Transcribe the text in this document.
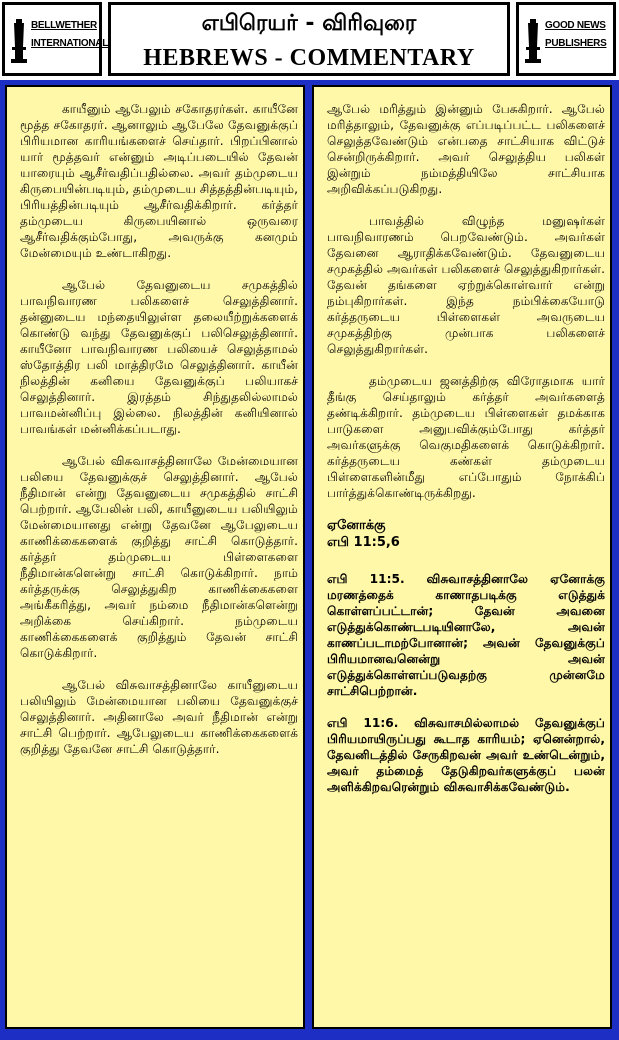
BELLWETHER
INTERNATIONAL
எபிரெயர் - விரிவுரை
HEBREWS - COMMENTARY
GOOD NEWS
PUBLISHERS

காயீனும் ஆபேலும் சகோதரர்கள். காயீனே மூத்த சகோதரர். ஆனாலும் ஆபேலே தேவனுக்குப் பிரியமான காரியங்களைச் செய்தார். பிறப்பினால் யார் மூத்தவர் என்னும் அடிப்படையில் தேவன் யாரையும் ஆசீர்வதிப்பதில்லை. அவர் தம்முடைய கிருபையின்படியும், தம்முடைய சித்தத்தின்படியும், பிரியத்தின்படியும் ஆசீர்வதிக்கிறார். கர்த்தர் தம்முடைய கிருபையினால் ஒருவரை ஆசீர்வதிக்கும்போது, அவருக்கு கனமும் மேன்மையும் உண்டாகிறது.

ஆபேல் தேவனுடைய சமுகத்தில் பாவநிவாரண பலிகளைச் செலுத்தினார். தன்னுடைய மந்தையிலுள்ள தலையீற்றுக்களைக் கொண்டு வந்து தேவனுக்குப் பலிசெலுத்தினார். காயீனோ பாவநிவாரண பலியைச் செலுத்தாமல் ஸ்தோத்திர பலி மாத்திரமே செலுத்தினார். காயீன் நிலத்தின் கனியை தேவனுக்குப் பலியாகச் செலுத்தினார். இரத்தம் சிந்துதலில்லாமல் பாவமன்னிப்பு இல்லை. நிலத்தின் கனியினால் பாவங்கள் மன்னிக்கப்படாது.

ஆபேல் விசுவாசத்தினாலே மேன்மையான பலியை தேவனுக்குச் செலுத்தினார். ஆபேல் நீதிமான் என்று தேவனுடைய சமுகத்தில் சாட்சி பெற்றார். ஆபேலின் பலி, காயீனுடைய பலியிலும் மேன்மையானது என்று தேவனே ஆபேலுடைய காணிக்கைகளைக் குறித்து சாட்சி கொடுத்தார். கர்த்தர் தம்முடைய பிள்ளைகளை நீதிமான்களென்று சாட்சி கொடுக்கிறார். நாம் கர்த்தருக்கு செலுத்துகிற காணிக்கைகளை அங்கீகரித்து, அவர் நம்மை நீதிமான்களென்று அறிக்கை செய்கிறார். நம்முடைய காணிக்கைகளைக் குறித்தும் தேவன் சாட்சி கொடுக்கிறார்.

ஆபேல் விசுவாசத்தினாலே காயீனுடைய பலியிலும் மேன்மையான பலியை தேவனுக்குச் செலுத்தினார். அதினாலே அவர் நீதிமான் என்று சாட்சி பெற்றார். ஆபேலுடைய காணிக்கைகளைக் குறித்து தேவனே சாட்சி கொடுத்தார்.

ஆபேல் மரித்தும் இன்னும் பேசுகிறார். ஆபேல் மரித்தாலும், தேவனுக்கு எப்படிப்பட்ட பலிகளைச் செலுத்தவேண்டும் என்பதை சாட்சியாக விட்டுச் சென்றிருக்கிறார். அவர் செலுத்திய பலிகள் இன்றும் நம்மத்தியிலே சாட்சியாக அறிவிக்கப்படுகிறது.

பாவத்தில் விழுந்த மனுஷர்கள் பாவநிவாரணம் பெறவேண்டும். அவர்கள் தேவனை ஆராதிக்கவேண்டும். தேவனுடைய சமுகத்தில் அவர்கள் பலிகளைச் செலுத்துகிறார்கள். தேவன் தங்களை ஏற்றுக்கொள்வார் என்று நம்புகிறார்கள். இந்த நம்பிக்கையோடு கர்த்தருடைய பிள்ளைகள் அவருடைய சமுகத்திற்கு முன்பாக பலிகளைச் செலுத்துகிறார்கள்.

தம்முடைய ஜனத்திற்கு விரோதமாக யார் தீங்கு செய்தாலும் கர்த்தர் அவர்களைத் தண்டிக்கிறார். தம்முடைய பிள்ளைகள் தமக்காக பாடுகளை அனுபவிக்கும்போது கர்த்தர் அவர்களுக்கு வெகுமதிகளைக் கொடுக்கிறார். கர்த்தருடைய கண்கள் தம்முடைய பிள்ளைகளின்மீது எப்போதும் நோக்கிப் பார்த்துக்கொண்டிருக்கிறது.

ஏனோக்கு
எபி 11:5,6

எபி 11:5. விசுவாசத்தினாலே ஏனோக்கு மரணத்தைக் காணாதபடிக்கு எடுத்துக் கொள்ளப்பட்டான்; தேவன் அவனை எடுத்துக்கொண்டபடியினாலே, அவன் காணப்படாமற்போனான்; அவன் தேவனுக்குப் பிரியமானவனென்று அவன் எடுத்துக்கொள்ளப்படுவதற்கு முன்னமே சாட்சிபெற்றான்.

எபி 11:6. விசுவாசமில்லாமல் தேவனுக்குப் பிரியமாயிருப்பது கூடாத காரியம்; ஏனென்றால், தேவனிடத்தில் சேருகிறவன் அவர் உண்டென்றும், அவர் தம்மைத் தேடுகிறவர்களுக்குப் பலன் அளிக்கிறவரென்றும் விசுவாசிக்கவேண்டும்.
